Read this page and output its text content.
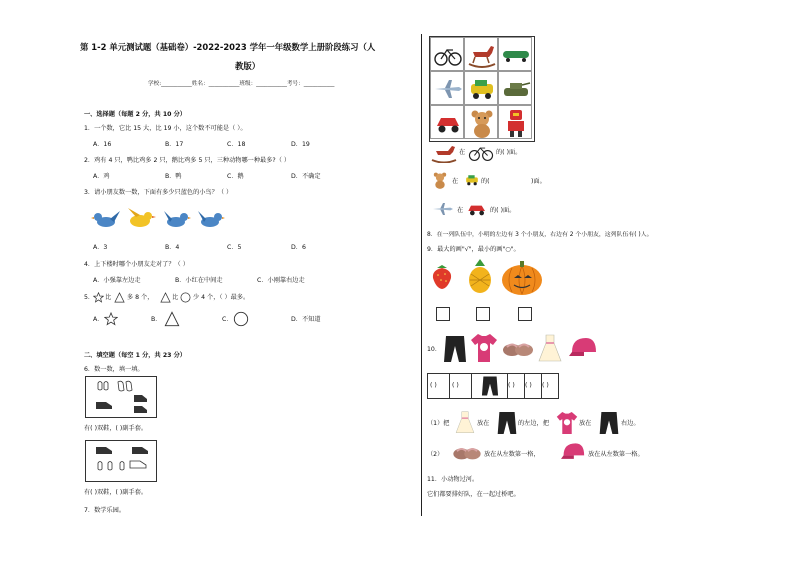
第 1-2 单元测试题（基础卷）-2022-2023 学年一年级数学上册阶段练习（人
教版）
学校:___________姓名：___________班级：___________考号：___________
一、选择题（每题 2 分，共 10 分）
1．一个数，它比 15 大，比 19 小，这个数不可能是（ ）。
A．16	B．17	C．18	D．19
2．鸡有 4 只，鸭比鸡多 2 只，鹅比鸡多 5 只，三种动物哪一种最多?（ ）
A．鸡	B．鸭	C．鹅	D．不确定
3．请小朋友数一数，下面有多少只蓝色的小鸟？（ ）
A．3	B．4	C．5	D．6
4．上下楼时哪个小朋友走对了？（ ）
A．小强靠左边走	B．小红在中间走	C．小刚靠右边走
5． 比	多 8 个，	比 少 4 个，（ ）最多。
A．	B．	C．	D．不知道
二、填空题（每空 1 分，共 23 分）
6．数一数，填一填。
有( )双鞋，( )副手套。
有( )双鞋，( )副手套。
7．数学乐园。
在	的( )面。
在	的(	)面。
在	的( )面。
8．在一列队伍中，小明的左边有 3 个小朋友，右边有 2 个小朋友，这列队伍有( )人。
9．最大的画"√"，最小的画"○"。
10．
( ) ( )	( ) ( ) ( )
（1）把	放在	的左边，把	放在	右边。
（2）	放在从左数第一格，	放在从左数第一格。
11．小动物过河。
它们都要排好队，在一起过桥吧。
